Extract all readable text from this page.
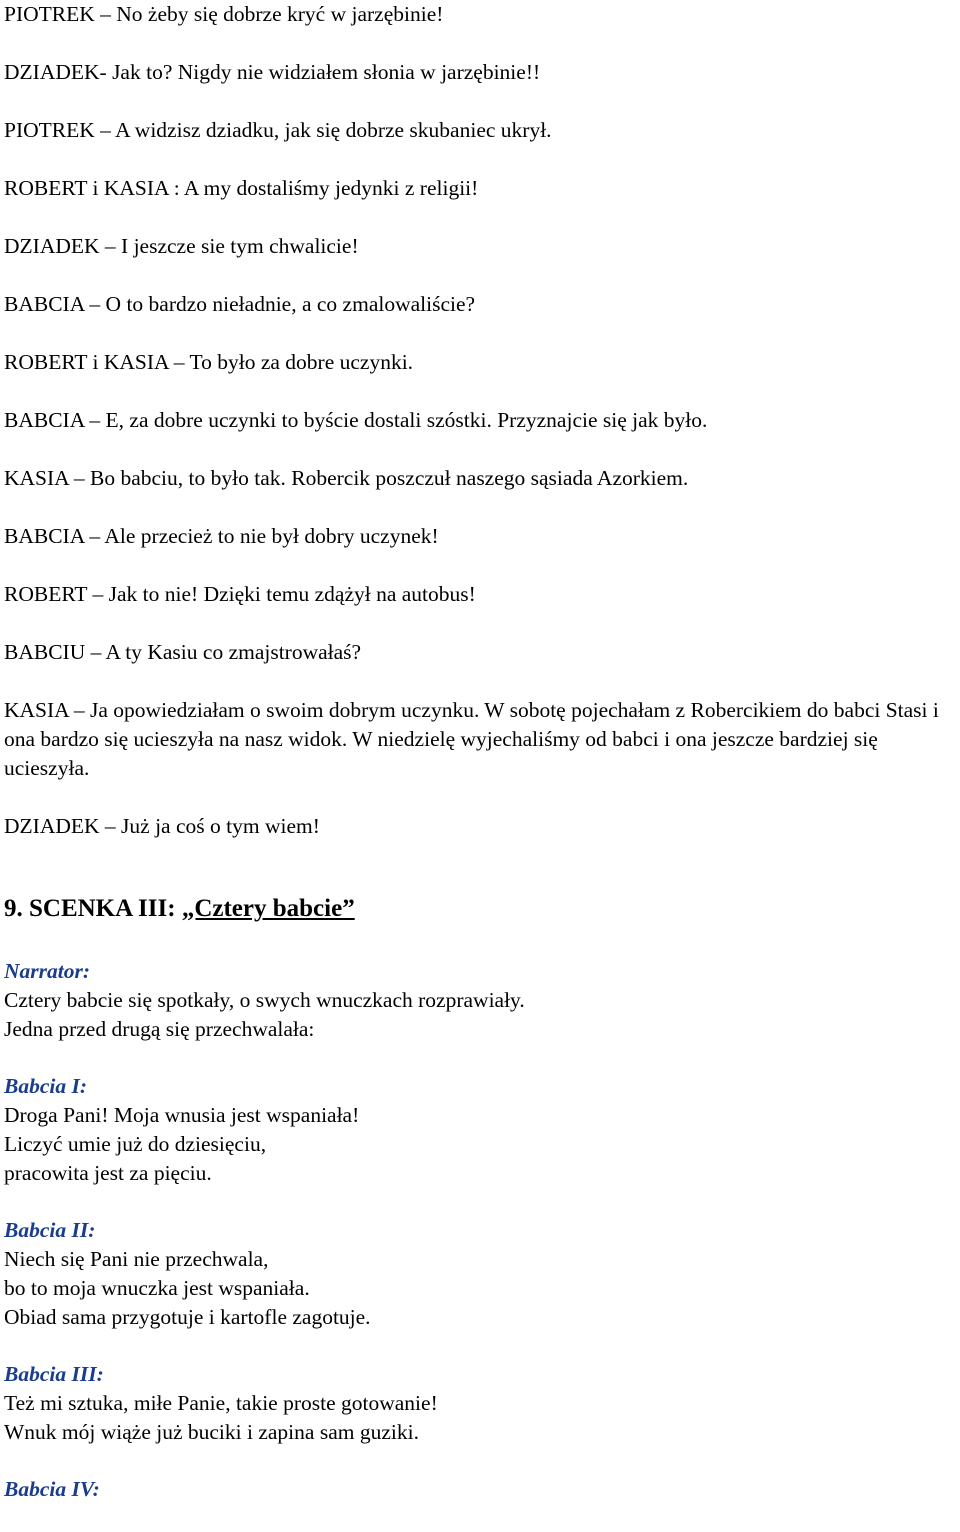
PIOTREK – No żeby się dobrze kryć w jarzębinie!

DZIADEK- Jak to? Nigdy nie widziałem słonia w jarzębinie!!

PIOTREK – A widzisz dziadku, jak się dobrze skubaniec ukrył.

ROBERT i KASIA : A my dostaliśmy jedynki z religii!

DZIADEK – I jeszcze sie tym chwalicie!

BABCIA – O to bardzo nieładnie, a co zmalowaliście?

ROBERT i KASIA – To było za dobre uczynki.

BABCIA – E, za dobre uczynki to byście dostali szóstki. Przyznajcie się jak było.

KASIA – Bo babciu, to było tak. Robercik poszczuł naszego sąsiada Azorkiem.

BABCIA – Ale przecież to nie był dobry uczynek!

ROBERT – Jak to nie! Dzięki temu zdążył na autobus!

BABCIU – A ty Kasiu co zmajstrowałaś?

KASIA – Ja opowiedziałam o swoim dobrym uczynku. W sobotę pojechałam z Robercikiem do babci Stasi i ona bardzo się ucieszyła na nasz widok. W niedzielę wyjechaliśmy od babci i ona jeszcze bardziej się ucieszyła.

DZIADEK – Już ja coś o tym wiem!

9. SCENKA III: „Cztery babcie”
Narrator:
Cztery babcie się spotkały, o swych wnuczkach rozprawiały.
Jedna przed drugą się przechwalała:
Babcia I:
Droga Pani! Moja wnusia jest wspaniała!
Liczyć umie już do dziesięciu,
pracowita jest za pięciu.
Babcia II:
Niech się Pani nie przechwala,
bo to moja wnuczka jest wspaniała.
Obiad sama przygotuje i kartofle zagotuje.
Babcia III:
Też mi sztuka, miłe Panie, takie proste gotowanie!
Wnuk mój wiąże już buciki i zapina sam guziki.
Babcia IV:
